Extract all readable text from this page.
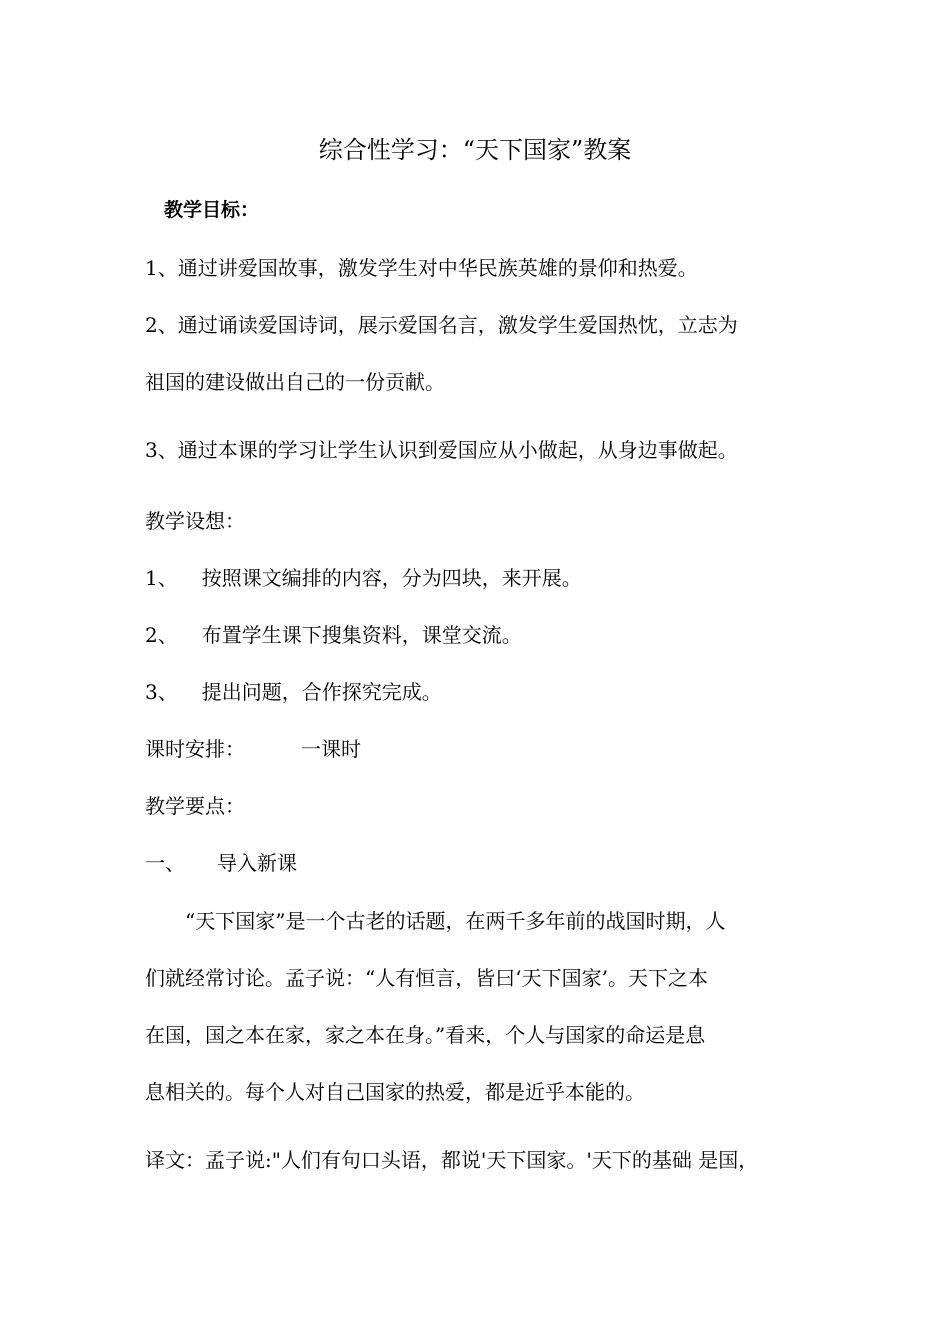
综合性学习：“天下国家”教案
教学目标：
1、通过讲爱国故事，激发学生对中华民族英雄的景仰和热爱。
2、通过诵读爱国诗词，展示爱国名言，激发学生爱国热忱，立志为
祖国的建设做出自己的一份贡献。
3、通过本课的学习让学生认识到爱国应从小做起，从身边事做起。
教学设想：
1、 按照课文编排的内容，分为四块，来开展。
2、 布置学生课下搜集资料，课堂交流。
3、 提出问题，合作探究完成。
课时安排：	一课时
教学要点：
一、 导入新课
“天下国家”是一个古老的话题，在两千多年前的战国时期，人
们就经常讨论。孟子说：“人有恒言，皆曰‘天下国家’。天下之本
在国，国之本在家，家之本在身。”看来，个人与国家的命运是息
息相关的。每个人对自己国家的热爱，都是近乎本能的。
译文：孟子说:"人们有句口头语，都说'天下国家。'天下的基础 是国，
